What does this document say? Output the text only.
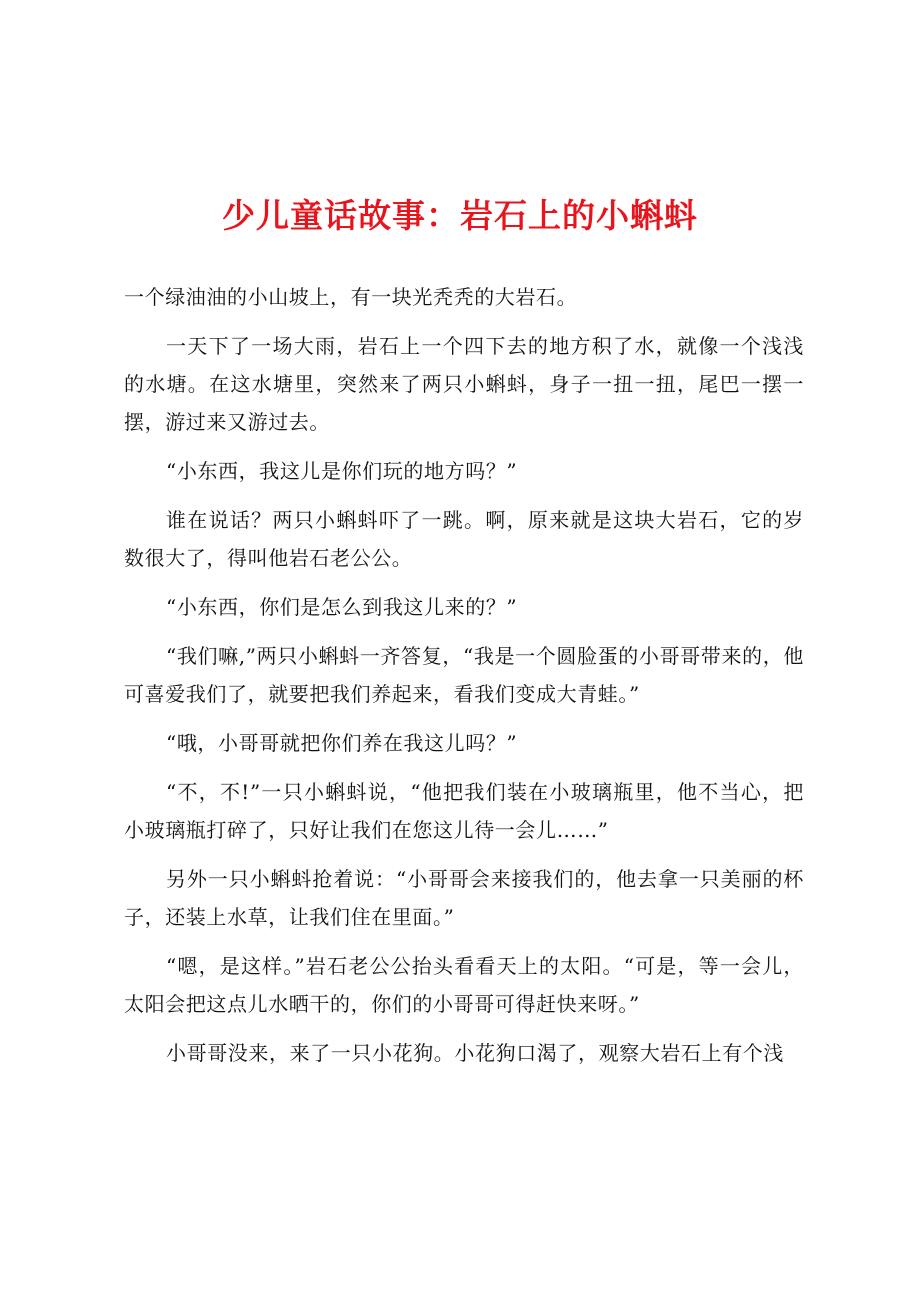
少儿童话故事：岩石上的小蝌蚪

一个绿油油的小山坡上，有一块光秃秃的大岩石。

一天下了一场大雨，岩石上一个四下去的地方积了水，就像一个浅浅的水塘。在这水塘里，突然来了两只小蝌蚪，身子一扭一扭，尾巴一摆一摆，游过来又游过去。

“小东西，我这儿是你们玩的地方吗？”

谁在说话？两只小蝌蚪吓了一跳。啊，原来就是这块大岩石，它的岁数很大了，得叫他岩石老公公。

“小东西，你们是怎么到我这儿来的？”

“我们嘛,”两只小蝌蚪一齐答复，“我是一个圆脸蛋的小哥哥带来的，他可喜爱我们了，就要把我们养起来，看我们变成大青蛙。”

“哦，小哥哥就把你们养在我这儿吗？”

“不，不!”一只小蝌蚪说，“他把我们装在小玻璃瓶里，他不当心，把小玻璃瓶打碎了，只好让我们在您这儿待一会儿……”

另外一只小蝌蚪抢着说：“小哥哥会来接我们的，他去拿一只美丽的杯子，还装上水草，让我们住在里面。”

“嗯，是这样。”岩石老公公抬头看看天上的太阳。“可是，等一会儿，太阳会把这点儿水晒干的，你们的小哥哥可得赶快来呀。”

小哥哥没来，来了一只小花狗。小花狗口渴了，观察大岩石上有个浅
